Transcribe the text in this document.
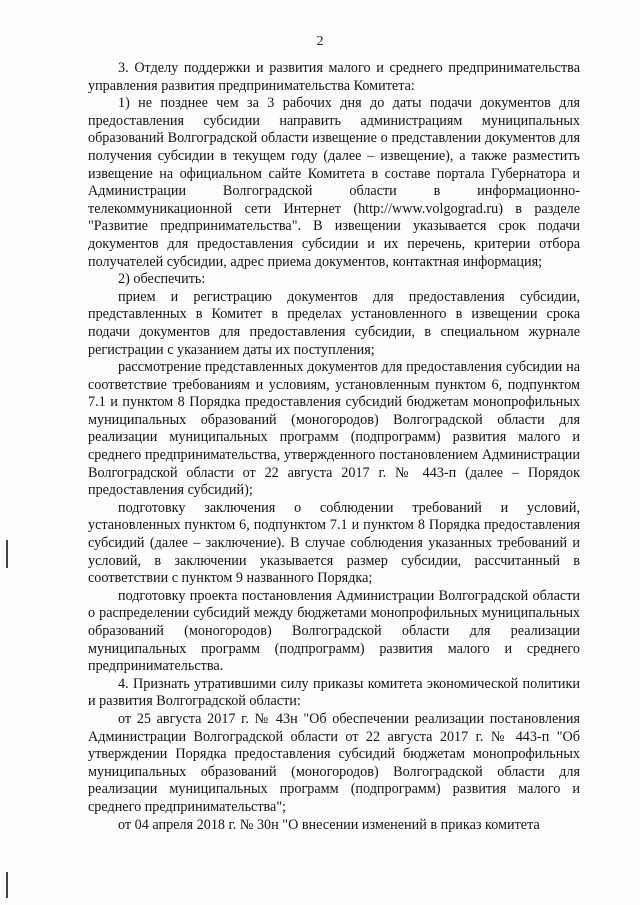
2

3. Отделу поддержки и развития малого и среднего предпринимательства управления развития предпринимательства Комитета:

1) не позднее чем за 3 рабочих дня до даты подачи документов для предоставления субсидии направить администрациям муниципальных образований Волгоградской области извещение о представлении документов для получения субсидии в текущем году (далее – извещение), а также разместить извещение на официальном сайте Комитета в составе портала Губернатора и Администрации Волгоградской области в информационно-телекоммуникационной сети Интернет (http://www.volgograd.ru) в разделе "Развитие предпринимательства". В извещении указывается срок подачи документов для предоставления субсидии и их перечень, критерии отбора получателей субсидии, адрес приема документов, контактная информация;

2) обеспечить:

прием и регистрацию документов для предоставления субсидии, представленных в Комитет в пределах установленного в извещении срока подачи документов для предоставления субсидии, в специальном журнале регистрации с указанием даты их поступления;

рассмотрение представленных документов для предоставления субсидии на соответствие требованиям и условиям, установленным пунктом 6, подпунктом 7.1 и пунктом 8 Порядка предоставления субсидий бюджетам монопрофильных муниципальных образований (моногородов) Волгоградской области для реализации муниципальных программ (подпрограмм) развития малого и среднего предпринимательства, утвержденного постановлением Администрации Волгоградской области от 22 августа 2017 г. № 443-п (далее – Порядок предоставления субсидий);

подготовку заключения о соблюдении требований и условий, установленных пунктом 6, подпунктом 7.1 и пунктом 8 Порядка предоставления субсидий (далее – заключение). В случае соблюдения указанных требований и условий, в заключении указывается размер субсидии, рассчитанный в соответствии с пунктом 9 названного Порядка;

подготовку проекта постановления Администрации Волгоградской области о распределении субсидий между бюджетами монопрофильных муниципальных образований (моногородов) Волгоградской области для реализации муниципальных программ (подпрограмм) развития малого и среднего предпринимательства.

4. Признать утратившими силу приказы комитета экономической политики и развития Волгоградской области:

от 25 августа 2017 г. № 43н "Об обеспечении реализации постановления Администрации Волгоградской области от 22 августа 2017 г. № 443-п "Об утверждении Порядка предоставления субсидий бюджетам монопрофильных муниципальных образований (моногородов) Волгоградской области для реализации муниципальных программ (подпрограмм) развития малого и среднего предпринимательства";

от 04 апреля 2018 г. № 30н "О внесении изменений в приказ комитета
